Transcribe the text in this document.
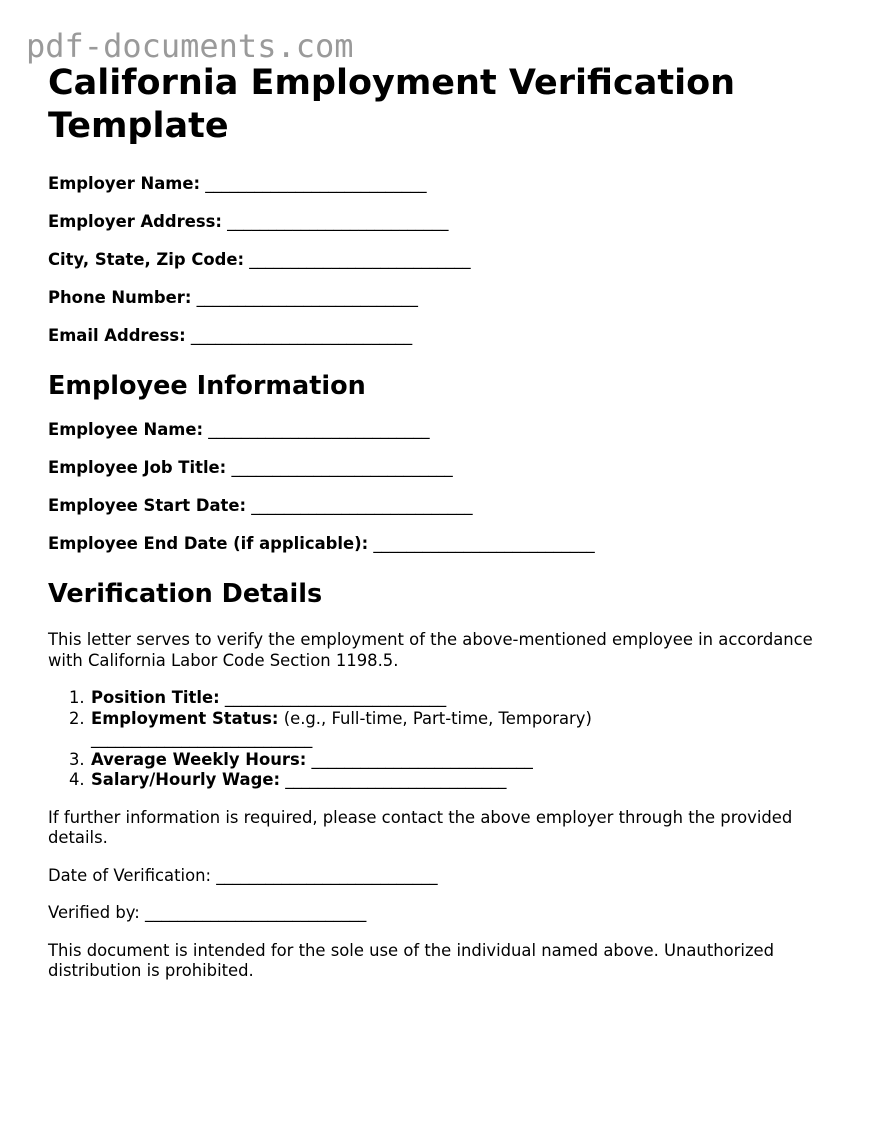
pdf-documents.com
California Employment Verification Template

Employer Name: ___________________________

Employer Address: ___________________________

City, State, Zip Code: ___________________________

Phone Number: ___________________________

Email Address: ___________________________

Employee Information

Employee Name: ___________________________

Employee Job Title: ___________________________

Employee Start Date: ___________________________

Employee End Date (if applicable): ___________________________

Verification Details

This letter serves to verify the employment of the above-mentioned employee in accordance with California Labor Code Section 1198.5.

1. Position Title: ___________________________
2. Employment Status: (e.g., Full-time, Part-time, Temporary)
___________________________
3. Average Weekly Hours: ___________________________
4. Salary/Hourly Wage: ___________________________

If further information is required, please contact the above employer through the provided details.

Date of Verification: ___________________________

Verified by: ___________________________

This document is intended for the sole use of the individual named above. Unauthorized distribution is prohibited.
